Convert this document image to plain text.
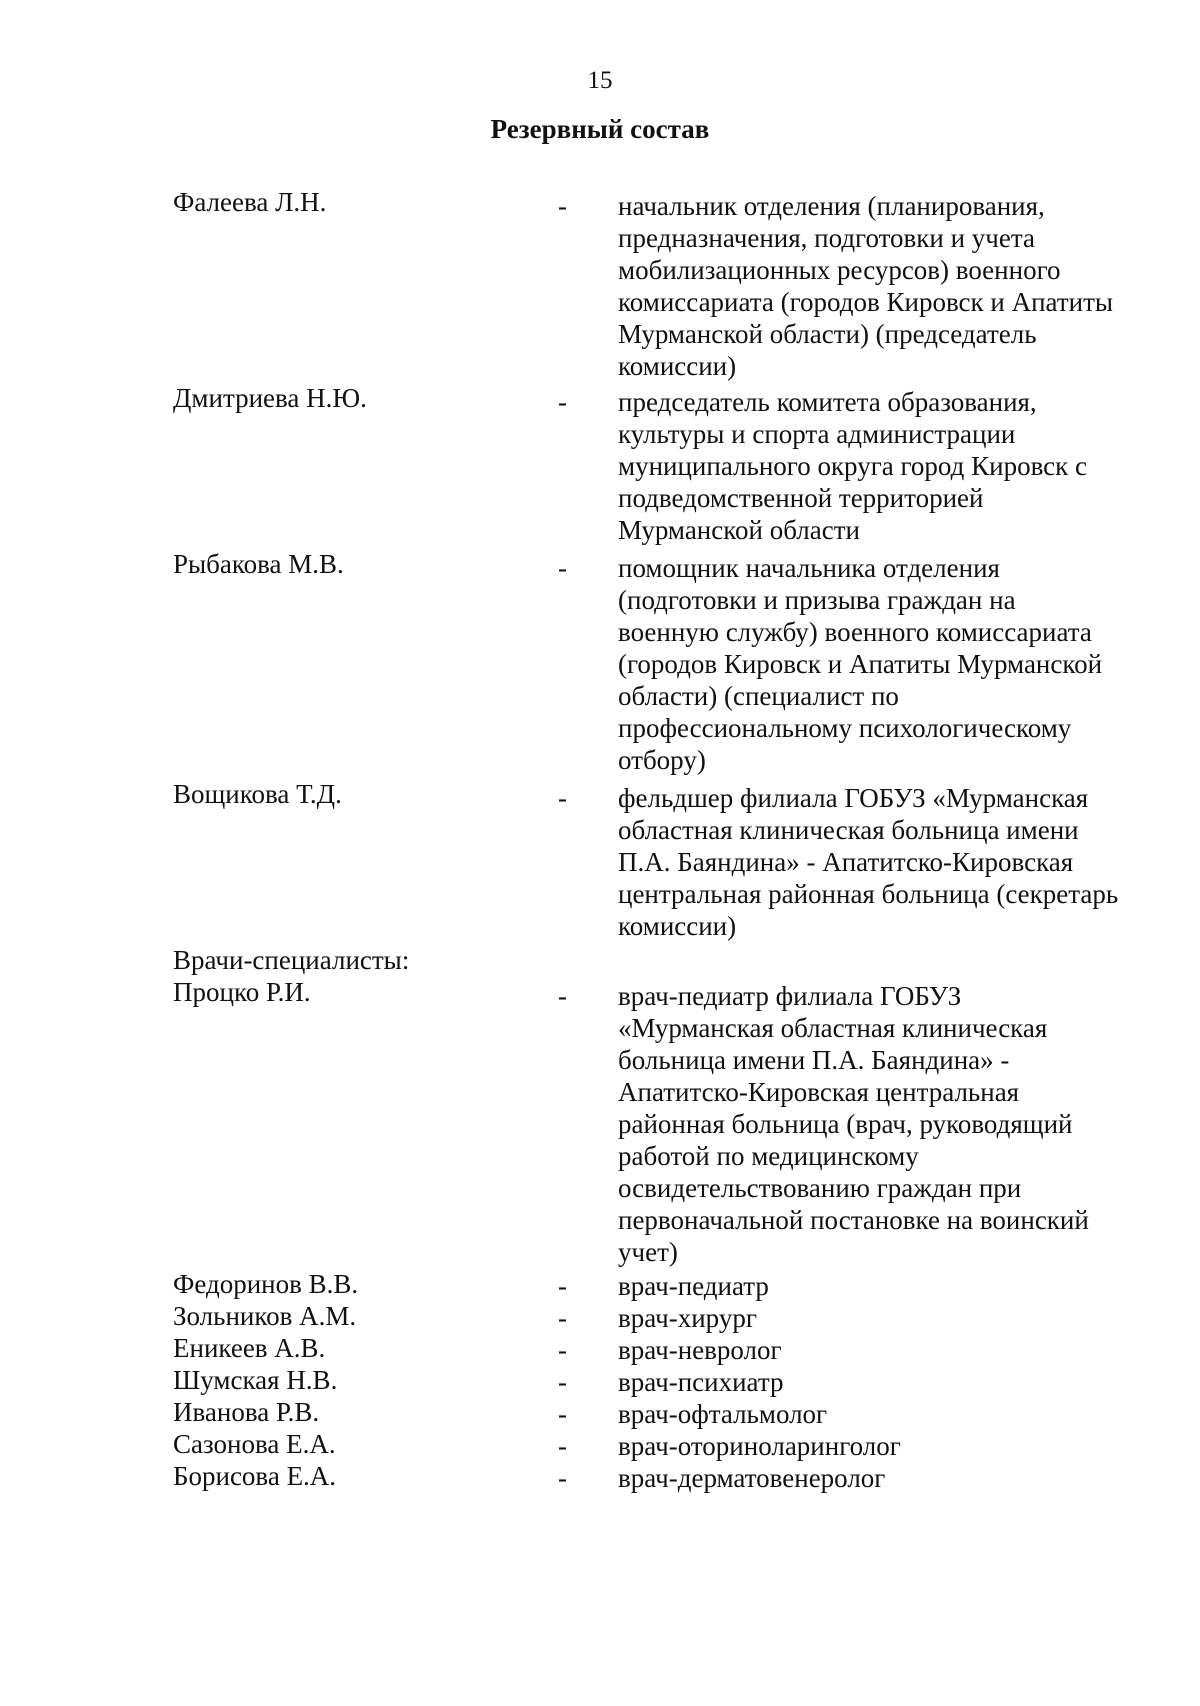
15
Резервный состав
Фалеева Л.Н.	- начальник отделения (планирования,
предназначения, подготовки и учета
мобилизационных ресурсов) военного
комиссариата (городов Кировск и Апатиты
Мурманской области) (председатель
комиссии)
Дмитриева Н.Ю.	- председатель комитета образования,
культуры и спорта администрации
муниципального округа город Кировск с
подведомственной территорией
Мурманской области
Рыбакова М.В.	- помощник начальника отделения
(подготовки и призыва граждан на
военную службу) военного комиссариата
(городов Кировск и Апатиты Мурманской
области) (специалист по
профессиональному психологическому
отбору)
Вощикова Т.Д.	- фельдшер филиала ГОБУЗ «Мурманская
областная клиническая больница имени
П.А. Баяндина» - Апатитско-Кировская
центральная районная больница (секретарь
комиссии)
Врачи-специалисты:
Процко Р.И.	- врач-педиатр филиала ГОБУЗ
«Мурманская областная клиническая
больница имени П.А. Баяндина» -
Апатитско-Кировская центральная
районная больница (врач, руководящий
работой по медицинскому
освидетельствованию граждан при
первоначальной постановке на воинский
учет)
Федоринов В.В.	- врач-педиатр
Зольников А.М.	- врач-хирург
Еникеев А.В.	- врач-невролог
Шумская Н.В.	- врач-психиатр
Иванова Р.В.	- врач-офтальмолог
Сазонова Е.А.	- врач-оториноларинголог
Борисова Е.А.	- врач-дерматовенеролог
